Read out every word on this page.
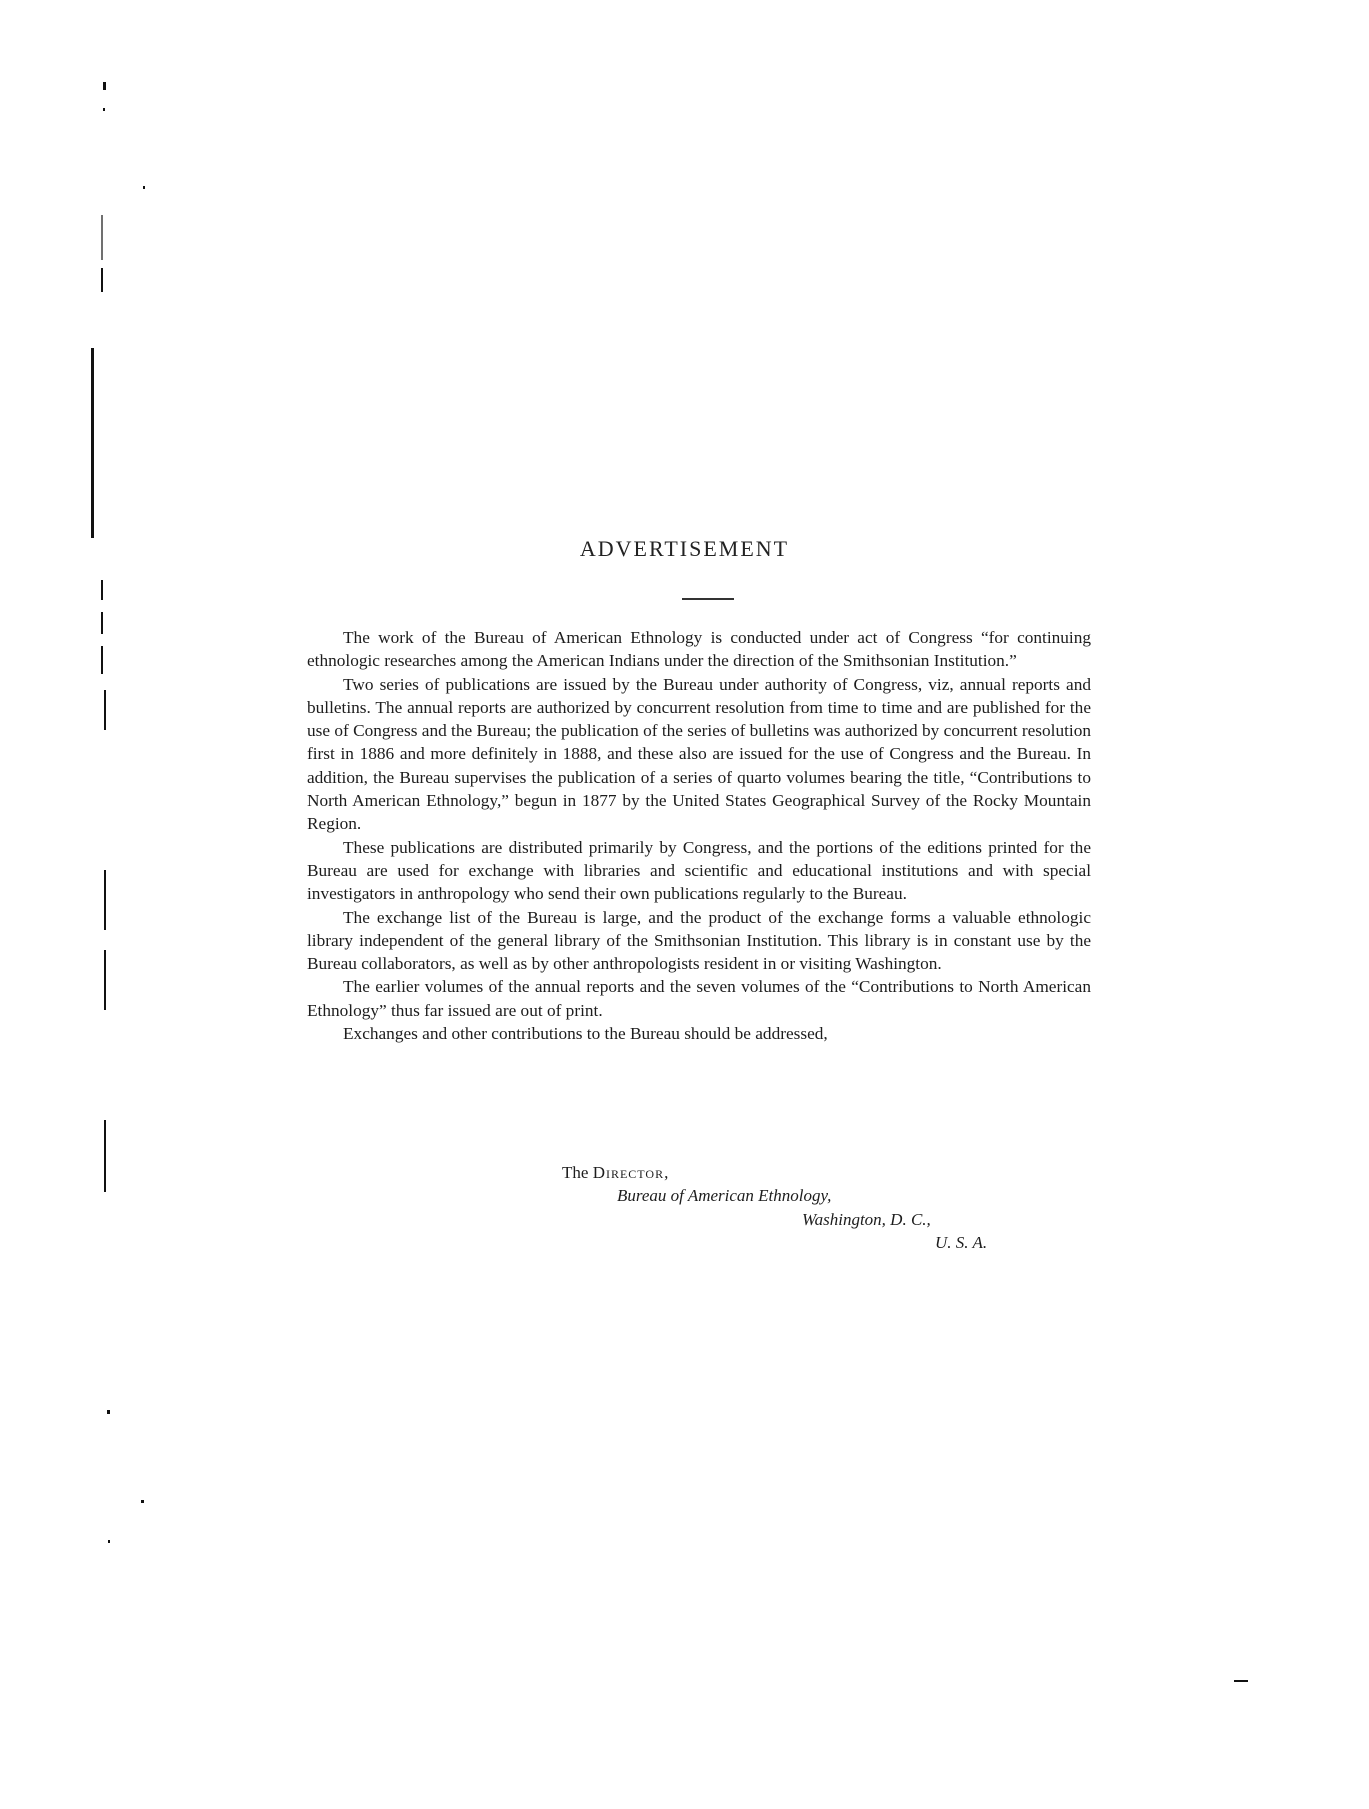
ADVERTISEMENT

The work of the Bureau of American Ethnology is conducted under act of Congress “for continuing ethnologic researches among the American Indians under the direction of the Smithsonian Institution.”

Two series of publications are issued by the Bureau under authority of Congress, viz, annual reports and bulletins. The annual reports are authorized by concurrent resolution from time to time and are published for the use of Congress and the Bureau; the publication of the series of bulletins was authorized by concurrent resolution first in 1886 and more definitely in 1888, and these also are issued for the use of Congress and the Bureau. In addition, the Bureau supervises the publication of a series of quarto volumes bearing the title, “Contributions to North American Ethnology,” begun in 1877 by the United States Geographical Survey of the Rocky Mountain Region.

These publications are distributed primarily by Congress, and the portions of the editions printed for the Bureau are used for exchange with libraries and scientific and educational institutions and with special investigators in anthropology who send their own publications regularly to the Bureau.

The exchange list of the Bureau is large, and the product of the exchange forms a valuable ethnologic library independent of the general library of the Smithsonian Institution. This library is in constant use by the Bureau collaborators, as well as by other anthropologists resident in or visiting Washington.

The earlier volumes of the annual reports and the seven volumes of the “Contributions to North American Ethnology” thus far issued are out of print.

Exchanges and other contributions to the Bureau should be addressed,

The Director,
Bureau of American Ethnology,
Washington, D. C.,
U. S. A.
